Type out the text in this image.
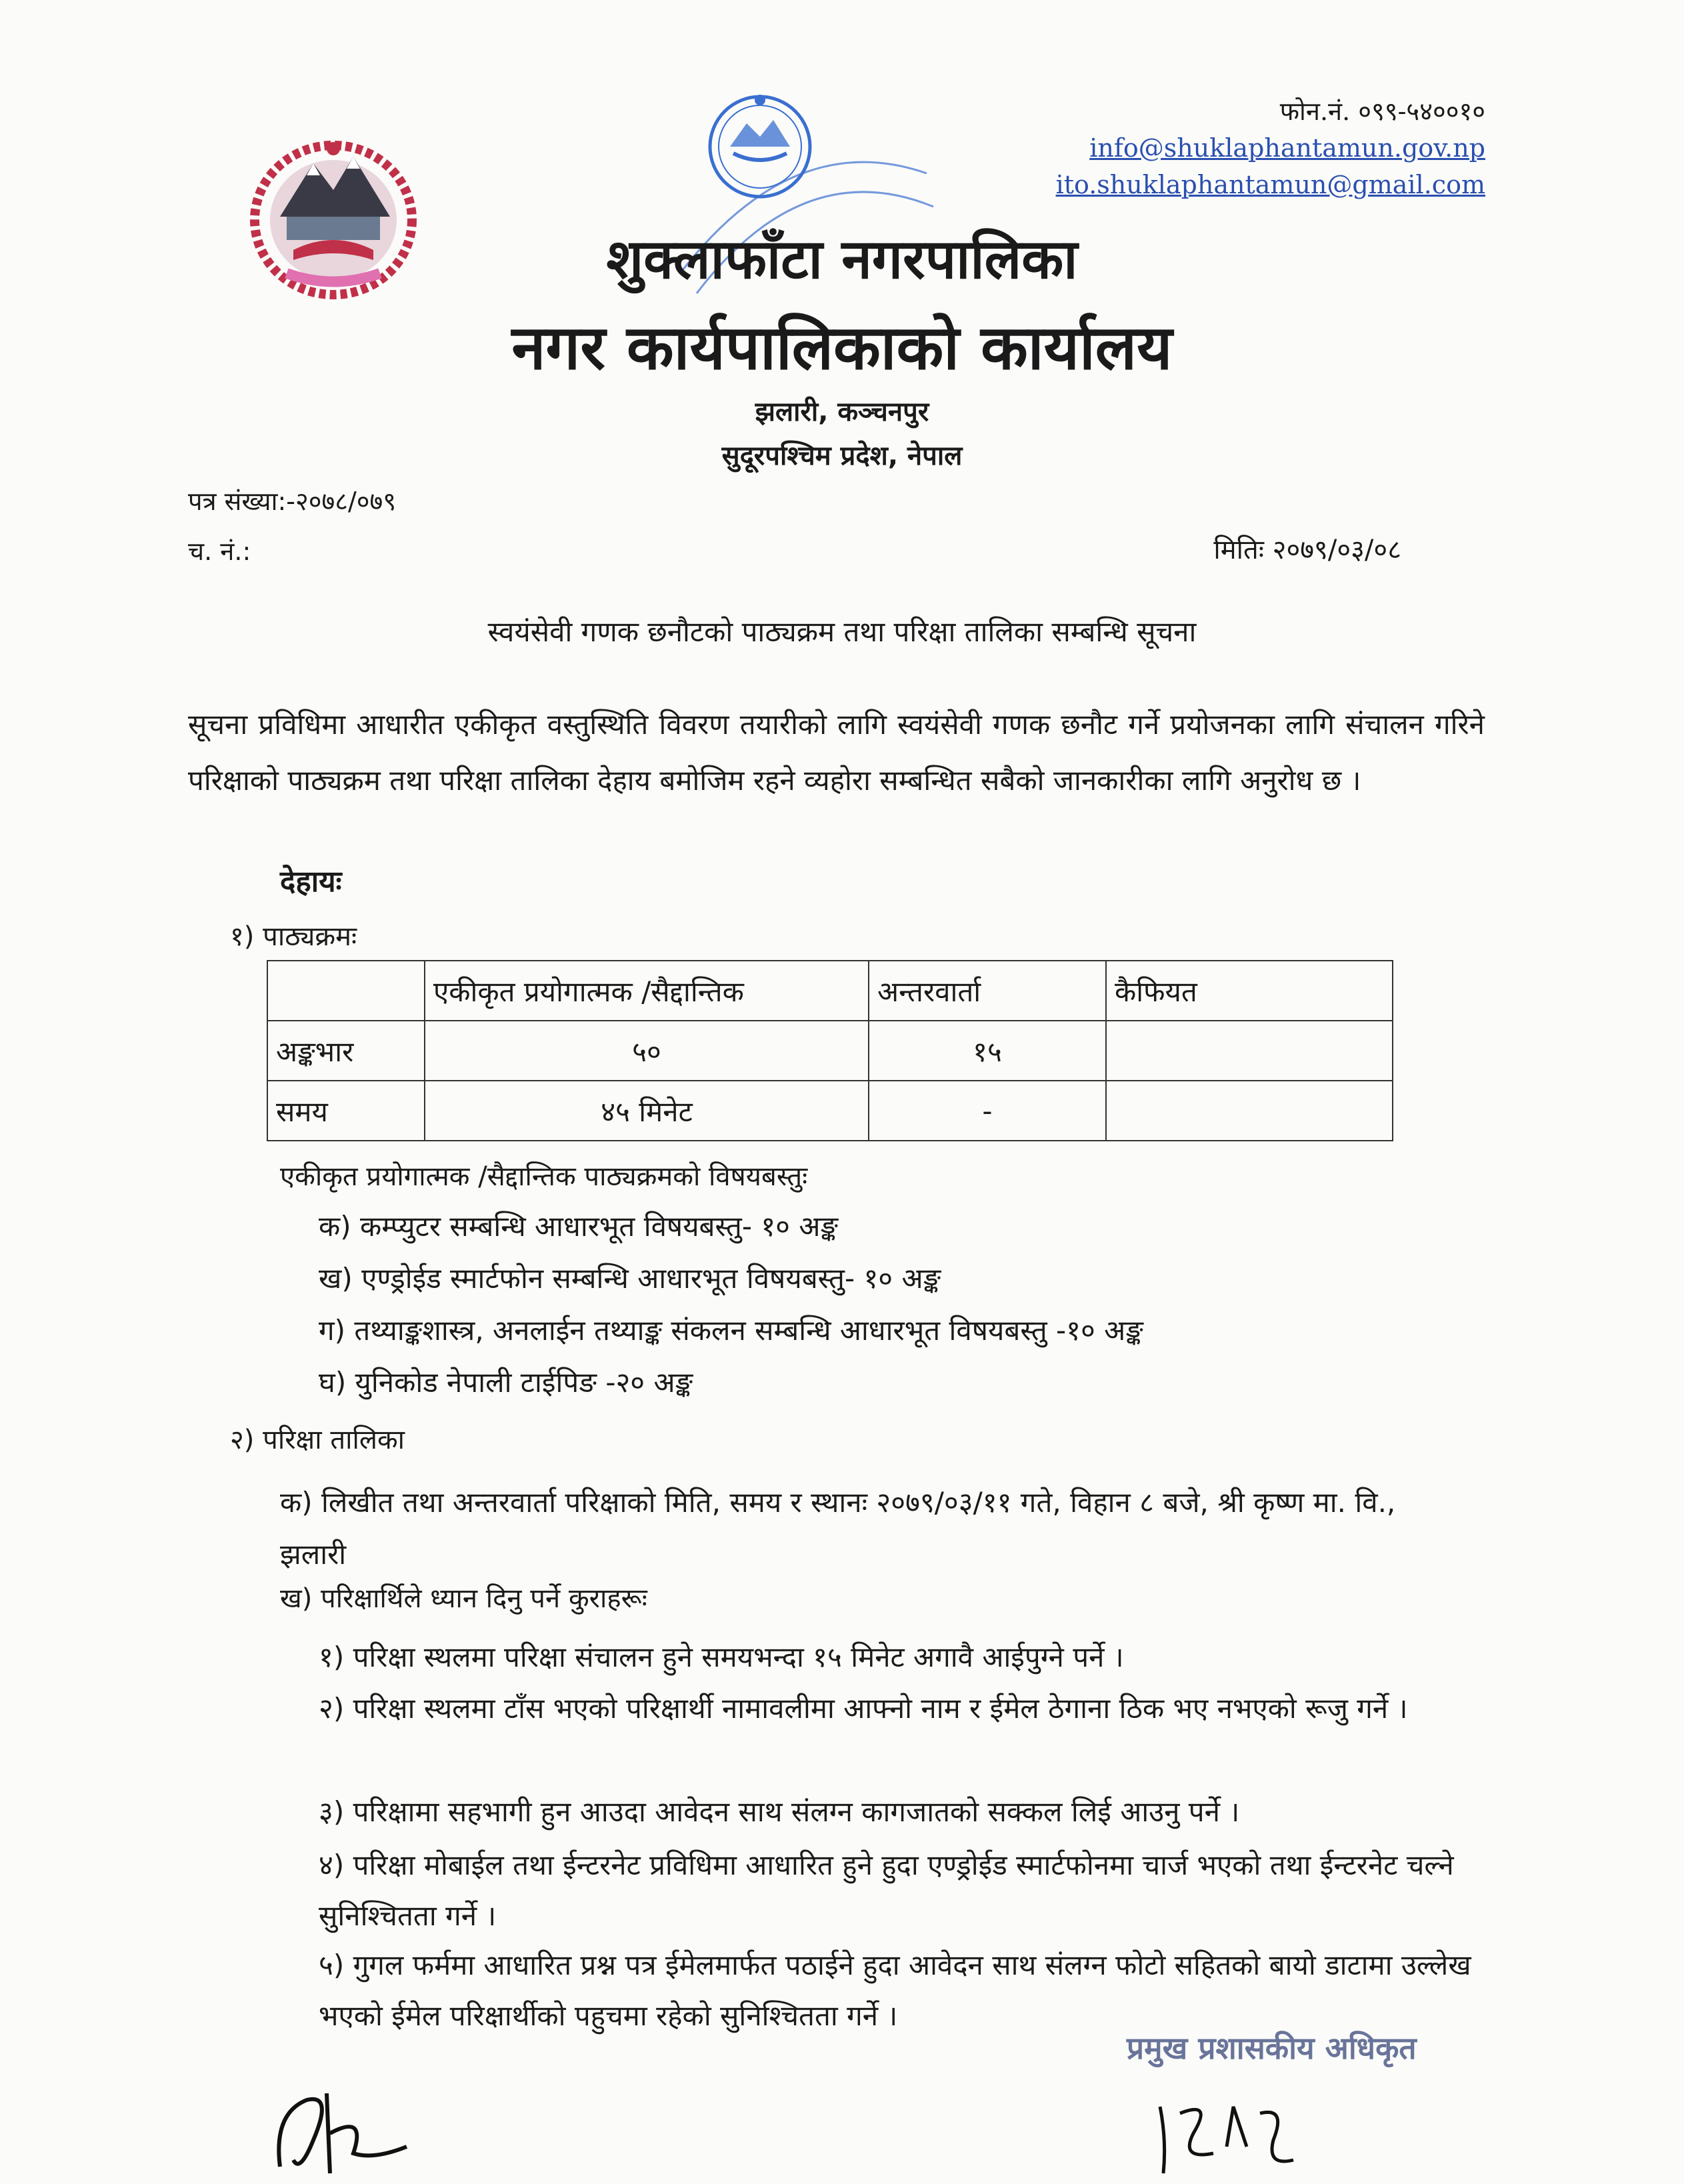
फोन.नं. ०९९-५४००१०
info@shuklaphantamun.gov.np
ito.shuklaphantamun@gmail.com
शुक्लाफाँटा नगरपालिका
नगर कार्यपालिकाको कार्यालय
झलारी, कञ्चनपुर
सुदूरपश्चिम प्रदेश, नेपाल
पत्र संख्या:-२०७८/०७९
च. नं.:	मितिः २०७९/०३/०८
स्वयंसेवी गणक छनौटको पाठ्यक्रम तथा परिक्षा तालिका सम्बन्धि सूचना
सूचना प्रविधिमा आधारीत एकीकृत वस्तुस्थिति विवरण तयारीको लागि स्वयंसेवी गणक छनौट गर्ने प्रयोजनका लागि संचालन गरिने परिक्षाको पाठ्यक्रम तथा परिक्षा तालिका देहाय बमोजिम रहने व्यहोरा सम्बन्धित सबैको जानकारीका लागि अनुरोध छ ।
देहायः
१) पाठ्यक्रमः
	एकीकृत प्रयोगात्मक /सैद्दान्तिक	अन्तरवार्ता	कैफियत
अङ्कभार	५०	१५	
समय	४५ मिनेट	-	
एकीकृत प्रयोगात्मक /सैद्दान्तिक पाठ्यक्रमको विषयबस्तुः
क) कम्प्युटर सम्बन्धि आधारभूत विषयबस्तु- १० अङ्क
ख) एण्ड्रोईड स्मार्टफोन सम्बन्धि आधारभूत विषयबस्तु- १० अङ्क
ग) तथ्याङ्कशास्त्र, अनलाईन तथ्याङ्क संकलन सम्बन्धि आधारभूत विषयबस्तु -१० अङ्क
घ) युनिकोड नेपाली टाईपिङ -२० अङ्क
२) परिक्षा तालिका
क) लिखीत तथा अन्तरवार्ता परिक्षाको मिति, समय र स्थानः २०७९/०३/११ गते, विहान ८ बजे, श्री कृष्ण मा. वि., झलारी
ख) परिक्षार्थिले ध्यान दिनु पर्ने कुराहरूः
१) परिक्षा स्थलमा परिक्षा संचालन हुने समयभन्दा १५ मिनेट अगावै आईपुग्ने पर्ने ।
२) परिक्षा स्थलमा टाँस भएको परिक्षार्थी नामावलीमा आफ्नो नाम र ईमेल ठेगाना ठिक भए नभएको रूजु गर्ने ।
३) परिक्षामा सहभागी हुन आउदा आवेदन साथ संलग्न कागजातको सक्कल लिई आउनु पर्ने ।
४) परिक्षा मोबाईल तथा ईन्टरनेट प्रविधिमा आधारित हुने हुदा एण्ड्रोईड स्मार्टफोनमा चार्ज भएको तथा ईन्टरनेट चल्ने सुनिश्चितता गर्ने ।
५) गुगल फर्ममा आधारित प्रश्न पत्र ईमेलमार्फत पठाईने हुदा आवेदन साथ संलग्न फोटो सहितको बायो डाटामा उल्लेख भएको ईमेल परिक्षार्थीको पहुचमा रहेको सुनिश्चितता गर्ने ।
प्रमुख प्रशासकीय अधिकृत
